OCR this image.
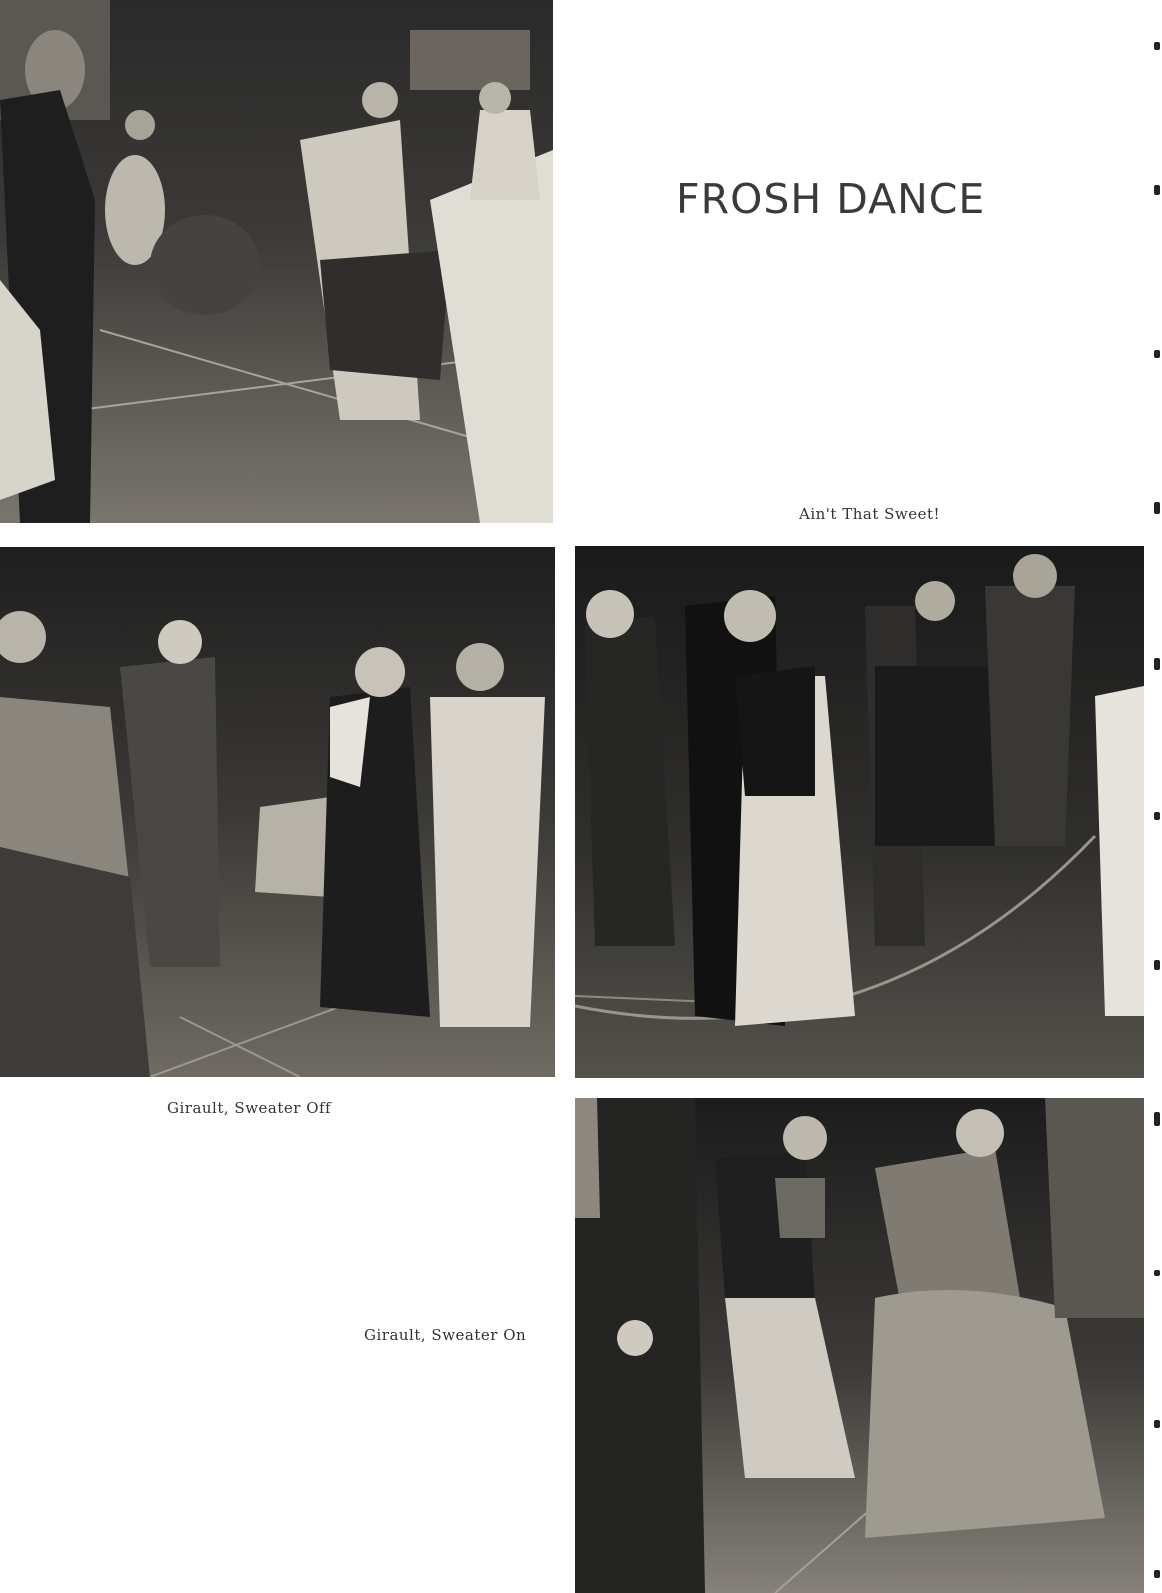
FROSH DANCE
Ain't That Sweet!
Girault, Sweater Off
Girault, Sweater On
